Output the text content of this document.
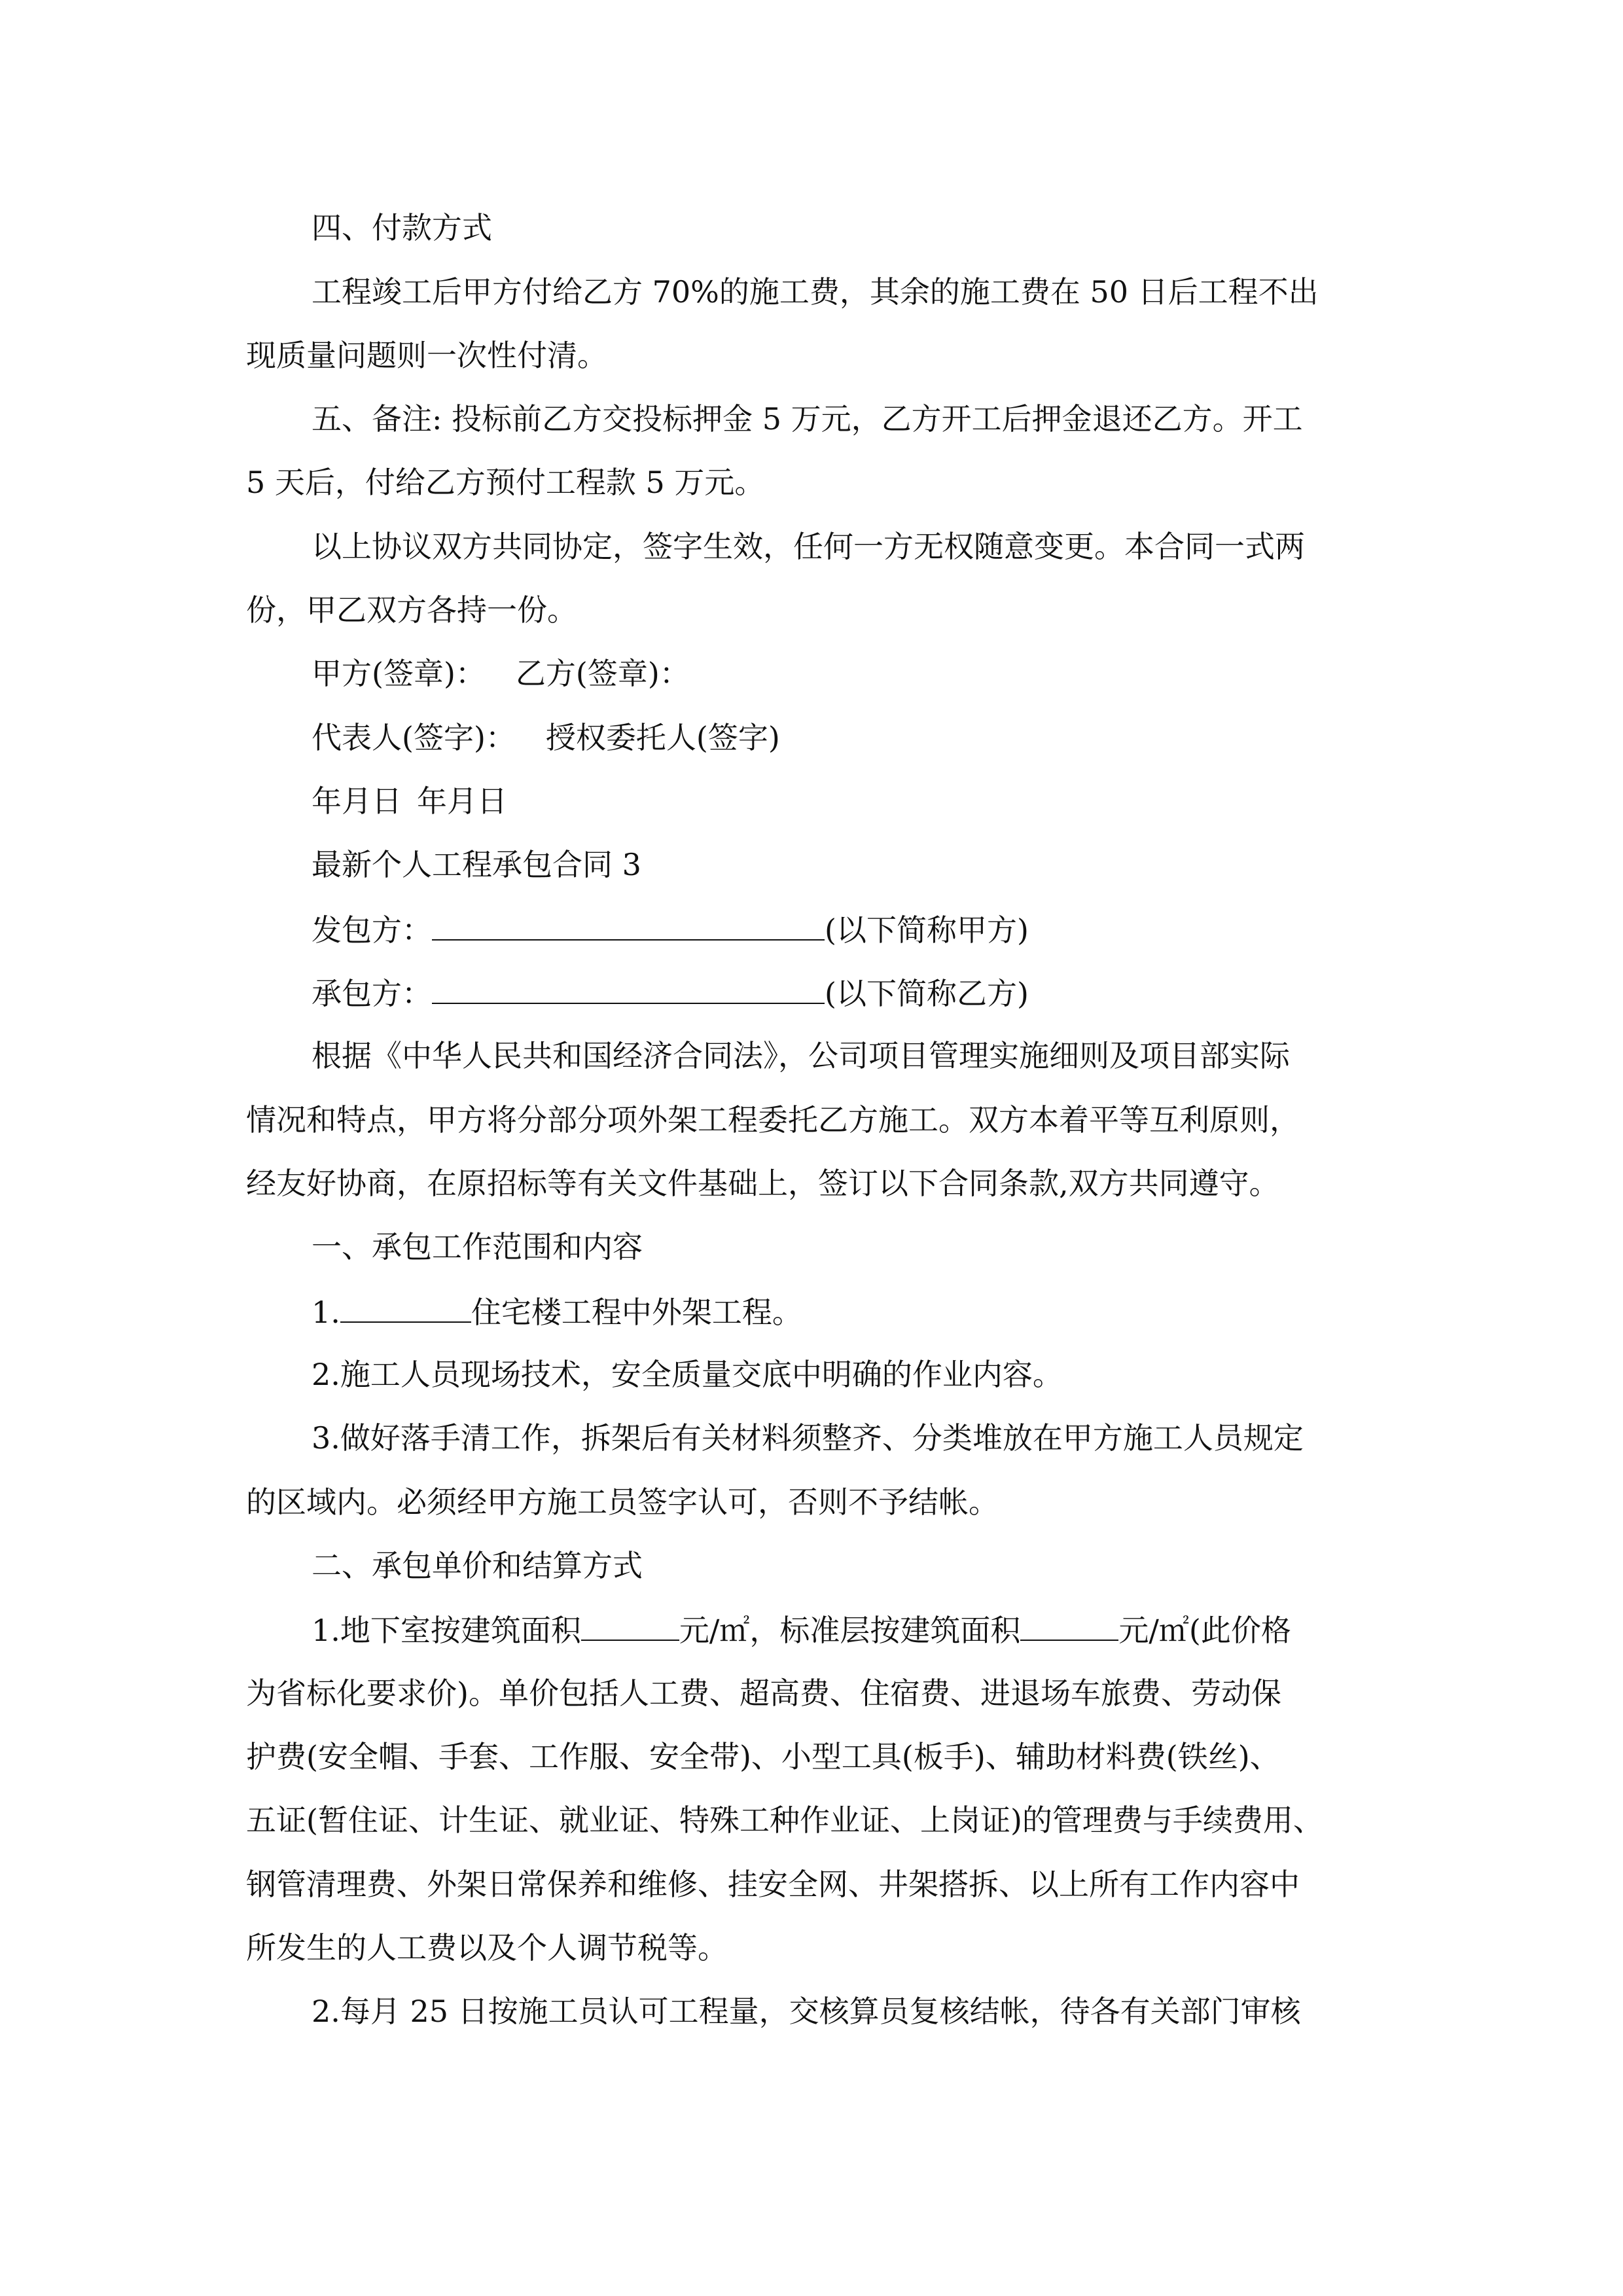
四、付款方式
工程竣工后甲方付给乙方 70%的施工费，其余的施工费在 50 日后工程不出
现质量问题则一次性付清。
五、备注: 投标前乙方交投标押金 5 万元，乙方开工后押金退还乙方。开工
5 天后，付给乙方预付工程款 5 万元。
以上协议双方共同协定，签字生效，任何一方无权随意变更。本合同一式两
份，甲乙双方各持一份。
甲方(签章)： 乙方(签章)：
代表人(签字)： 授权委托人(签字)
年月日 年月日
最新个人工程承包合同 3
发包方：	(以下简称甲方)
承包方：	(以下简称乙方)
根据《中华人民共和国经济合同法》，公司项目管理实施细则及项目部实际
情况和特点，甲方将分部分项外架工程委托乙方施工。双方本着平等互利原则，
经友好协商，在原招标等有关文件基础上，签订以下合同条款,双方共同遵守。
一、承包工作范围和内容
1.	住宅楼工程中外架工程。
2.施工人员现场技术，安全质量交底中明确的作业内容。
3.做好落手清工作，拆架后有关材料须整齐、分类堆放在甲方施工人员规定
的区域内。必须经甲方施工员签字认可，否则不予结帐。
二、承包单价和结算方式
1.地下室按建筑面积	元/㎡，标准层按建筑面积	元/㎡(此价格
为省标化要求价)。单价包括人工费、超高费、住宿费、进退场车旅费、劳动保
护费(安全帽、手套、工作服、安全带)、小型工具(板手)、辅助材料费(铁丝)、
五证(暂住证、计生证、就业证、特殊工种作业证、上岗证)的管理费与手续费用、
钢管清理费、外架日常保养和维修、挂安全网、井架搭拆、以上所有工作内容中
所发生的人工费以及个人调节税等。
2.每月 25 日按施工员认可工程量，交核算员复核结帐，待各有关部门审核
